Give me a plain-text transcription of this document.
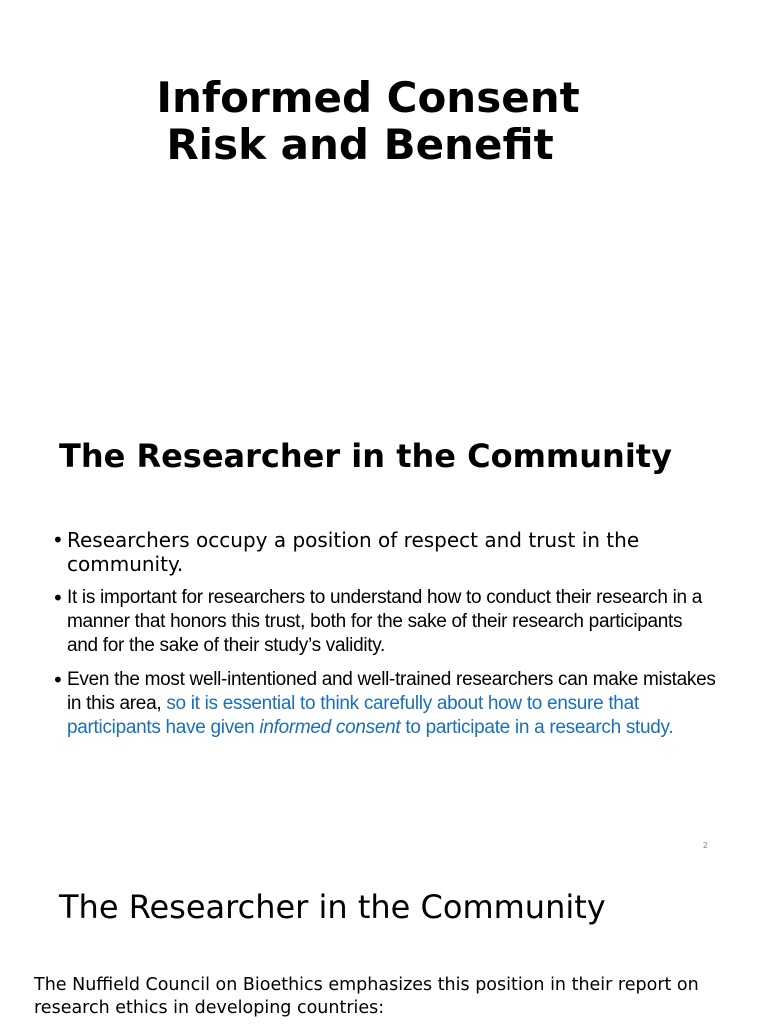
Informed Consent
Risk and Benefit
The Researcher in the Community
• Researchers occupy a position of respect and trust in the community.
• It is important for researchers to understand how to conduct their research in a manner that honors this trust, both for the sake of their research participants and for the sake of their study’s validity.
• Even the most well-intentioned and well-trained researchers can make mistakes in this area, so it is essential to think carefully about how to ensure that participants have given informed consent to participate in a research study.
2
The Researcher in the Community
The Nuffield Council on Bioethics emphasizes this position in their report on research ethics in developing countries:
